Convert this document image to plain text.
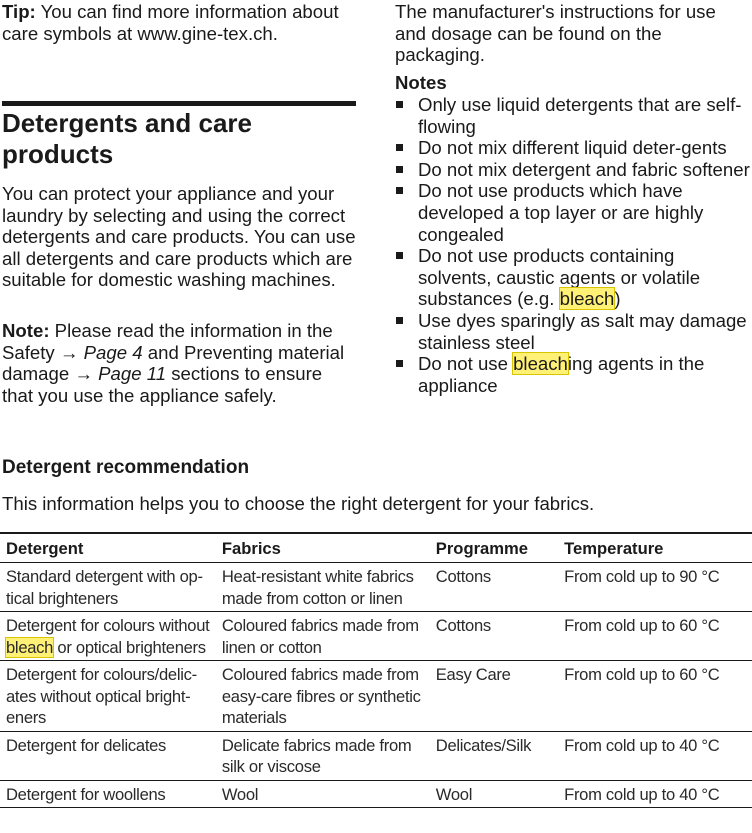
Tip: You can find more information about care symbols at www.gine-tex.ch.

Detergents and care products

You can protect your appliance and your laundry by selecting and using the correct detergents and care products. You can use all detergents and care products which are suitable for domestic washing machines.

Note: Please read the information in the Safety → Page 4 and Preventing material damage → Page 11 sections to ensure that you use the appliance safely.

The manufacturer's instructions for use and dosage can be found on the packaging.

Notes
Only use liquid detergents that are self-flowing
Do not mix different liquid deter-gents
Do not mix detergent and fabric softener
Do not use products which have developed a top layer or are highly congealed
Do not use products containing solvents, caustic agents or volatile substances (e.g. bleach)
Use dyes sparingly as salt may damage stainless steel
Do not use bleaching agents in the appliance
Detergent recommendation

This information helps you to choose the right detergent for your fabrics.

Detergent	Fabrics	Programme	Temperature
Standard detergent with op-tical brighteners	Heat-resistant white fabrics made from cotton or linen	Cottons	From cold up to 90 °C
Detergent for colours without bleach or optical brighteners	Coloured fabrics made from linen or cotton	Cottons	From cold up to 60 °C
Detergent for colours/delic-ates without optical bright-eners	Coloured fabrics made from easy-care fibres or synthetic materials	Easy Care	From cold up to 60 °C
Detergent for delicates	Delicate fabrics made from silk or viscose	Delicates/Silk	From cold up to 40 °C
Detergent for woollens	Wool	Wool	From cold up to 40 °C
